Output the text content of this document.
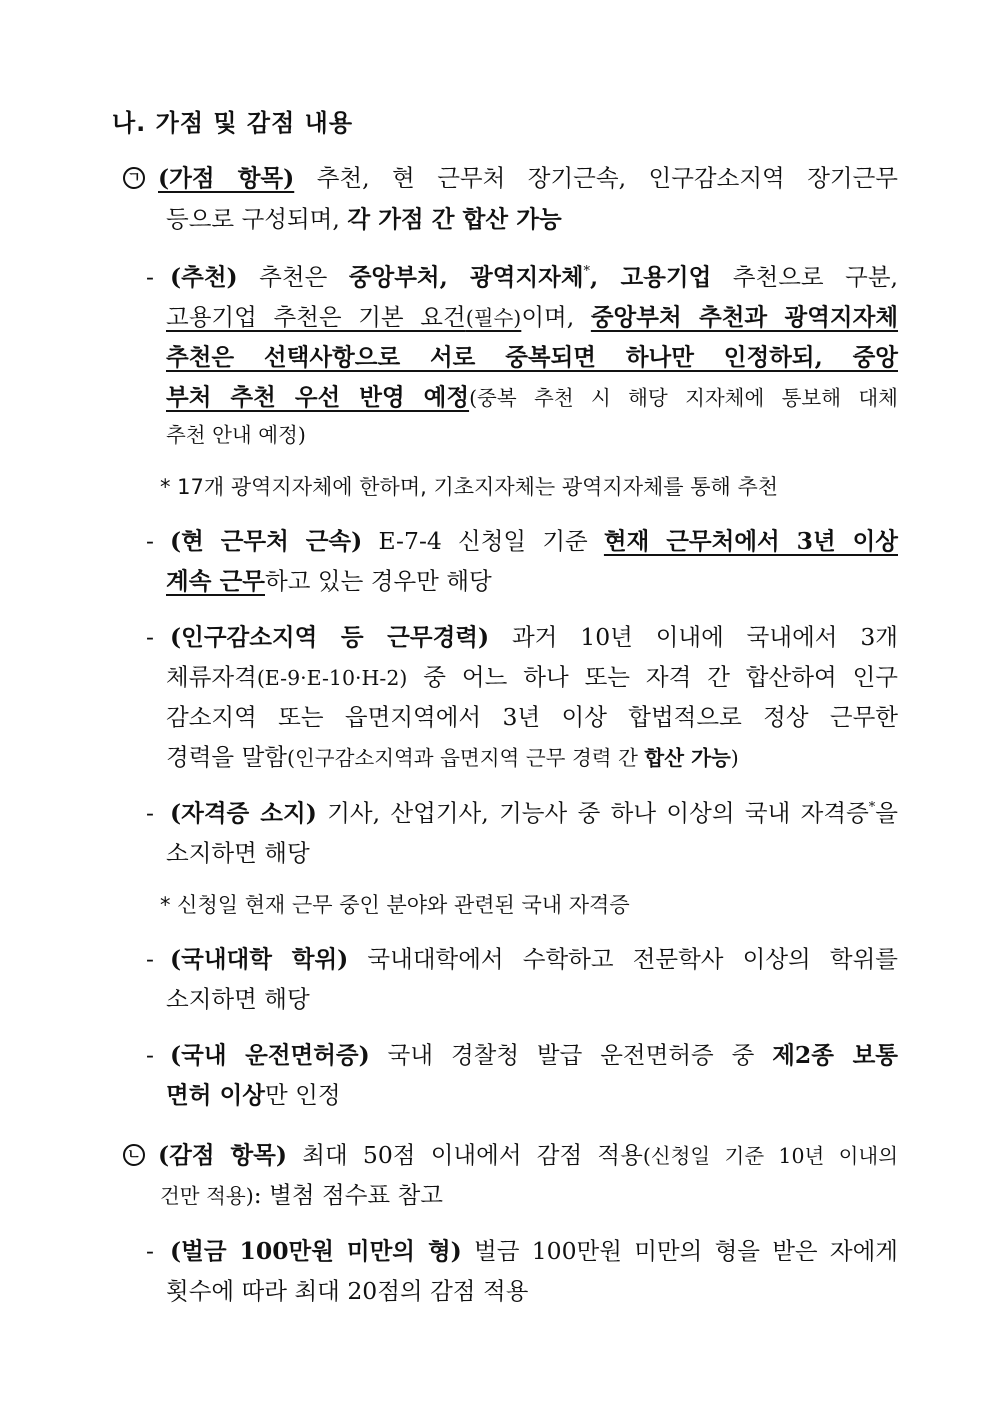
나. 가점 및 감점 내용
ㄱ (가점 항목) 추천, 현 근무처 장기근속, 인구감소지역 장기근무
등으로 구성되며, 각 가점 간 합산 가능
- (추천) 추천은 중앙부처, 광역지자체*, 고용기업 추천으로 구분,
고용기업 추천은 기본 요건(필수)이며, 중앙부처 추천과 광역지자체
추천은 선택사항으로 서로 중복되면 하나만 인정하되, 중앙
부처 추천 우선 반영 예정(중복 추천 시 해당 지자체에 통보해 대체
추천 안내 예정)
* 17개 광역지자체에 한하며, 기초지자체는 광역지자체를 통해 추천
- (현 근무처 근속) E-7-4 신청일 기준 현재 근무처에서 3년 이상
계속 근무하고 있는 경우만 해당
- (인구감소지역 등 근무경력) 과거 10년 이내에 국내에서 3개
체류자격(E-9·E-10·H-2) 중 어느 하나 또는 자격 간 합산하여 인구
감소지역 또는 읍면지역에서 3년 이상 합법적으로 정상 근무한
경력을 말함(인구감소지역과 읍면지역 근무 경력 간 합산 가능)
- (자격증 소지) 기사, 산업기사, 기능사 중 하나 이상의 국내 자격증*을
소지하면 해당
* 신청일 현재 근무 중인 분야와 관련된 국내 자격증
- (국내대학 학위) 국내대학에서 수학하고 전문학사 이상의 학위를
소지하면 해당
- (국내 운전면허증) 국내 경찰청 발급 운전면허증 중 제2종 보통
면허 이상만 인정
ㄴ (감점 항목) 최대 50점 이내에서 감점 적용(신청일 기준 10년 이내의
건만 적용): 별첨 점수표 참고
- (벌금 100만원 미만의 형) 벌금 100만원 미만의 형을 받은 자에게
횟수에 따라 최대 20점의 감점 적용
